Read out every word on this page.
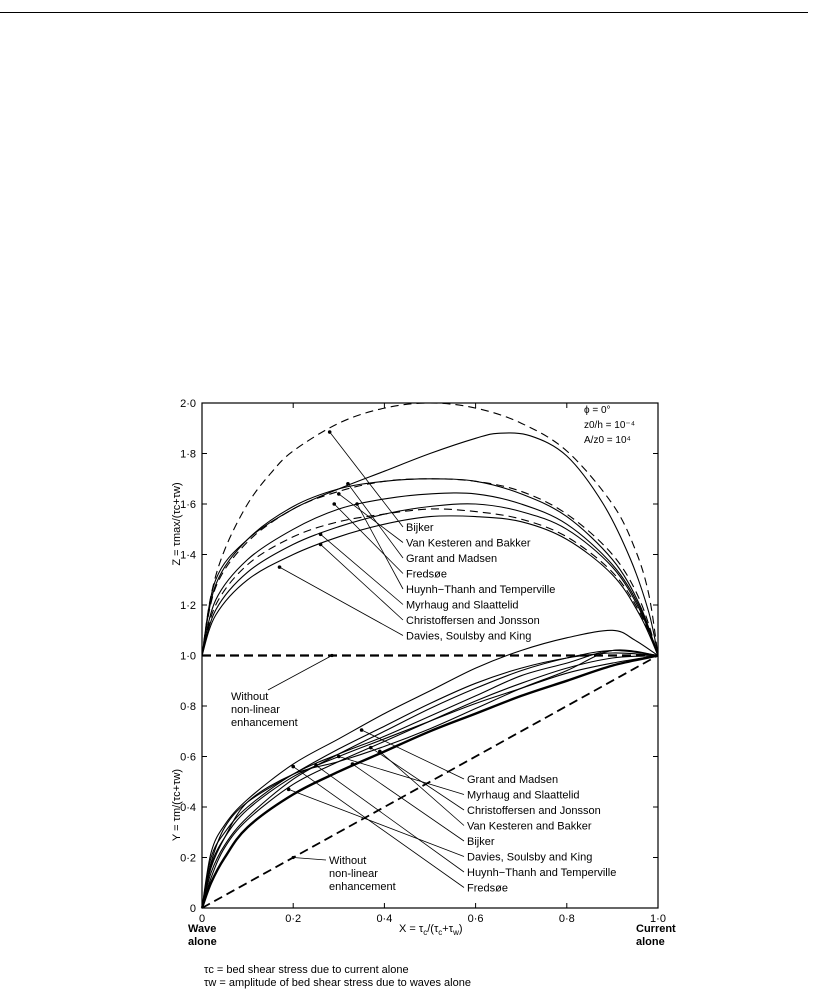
0
0·2
0·4
0·6
0·8
1·0
1·2
1·4
1·6
1·8
2·0
0	0·2	0·4	0·6	0·8	1·0
ϕ = 0°
z0/h = 10⁻⁴
A/z0 = 10⁴
Bijker
Van Kesteren and Bakker
Grant and Madsen
Fredsøe
Huynh−Thanh and Temperville
Myrhaug and Slaattelid
Christoffersen and Jonsson
Davies, Soulsby and King
Grant and Madsen
Myrhaug and Slaattelid
Christoffersen and Jonsson
Van Kesteren and Bakker
Bijker
Davies, Soulsby and King
Huynh−Thanh and Temperville
Fredsøe
Without
non-linear
enhancement
Without
non-linear
enhancement
Z = τmax/(τc+τw)
Y = τm/(τc+τw)
$X = \tau_c/(\tau_c+\tau_w)$
Wave
alone
Current
alone
τc = bed shear stress due to current alone
τw = amplitude of bed shear stress due to waves alone
